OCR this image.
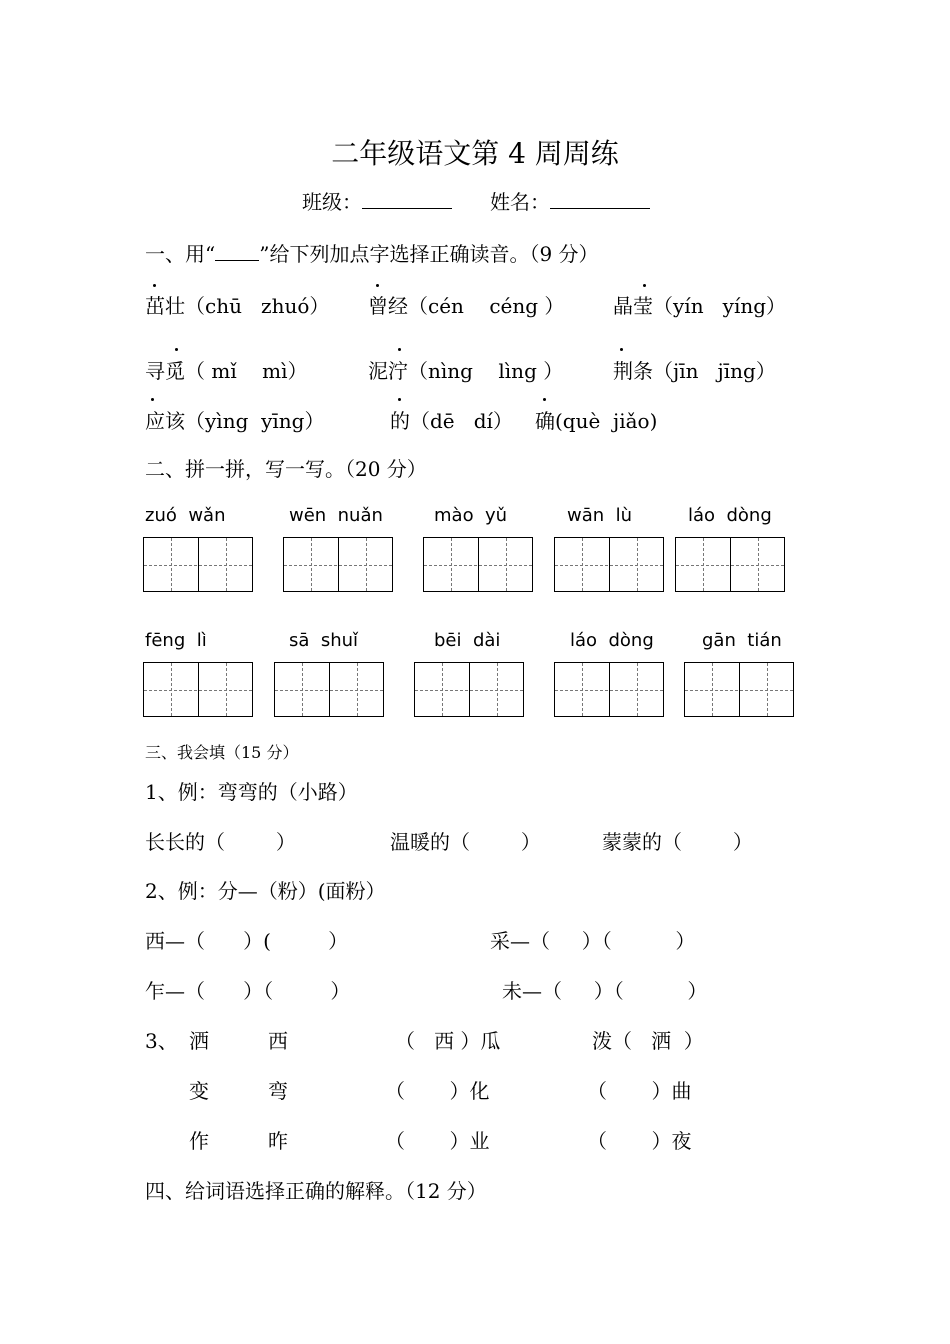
二年级语文第 4 周周练
班级：	姓名：
一、用“ ”给下列加点字选择正确读音。（9 分）
茁壮（chū   zhuó） 曾经（cén    céng ） 晶莹（yín   yíng）
寻觅（ mǐ    mì）	泥泞（nìng    lìng ） 荆条（jīn   jīng）
应该（yìng  yīng）	的（dē   dí） 确(què  jiǎo)
二、拼一拼，写一写。（20 分）
zuó  wǎn	wēn  nuǎn	mào  yǔ	wān  lù	láo  dòng
fēng  lì	sā  shuǐ	bēi  dài	láo  dòng	gān  tián
三、我会填（15 分）
1、例：弯弯的（小路）
长长的（        ）	温暖的（        ）	蒙蒙的（        ）
2、例：分—（粉）(面粉）
西—（      ）(         ）	采—（     ）（          ）
乍—（      ）（         ）	未—（     ）（          ）
3、 洒	西	（   西 ）瓜	泼（   洒  ）
变	弯	（       ）化	（       ）曲
作	昨	（       ）业	（       ）夜
四、给词语选择正确的解释。（12 分）
